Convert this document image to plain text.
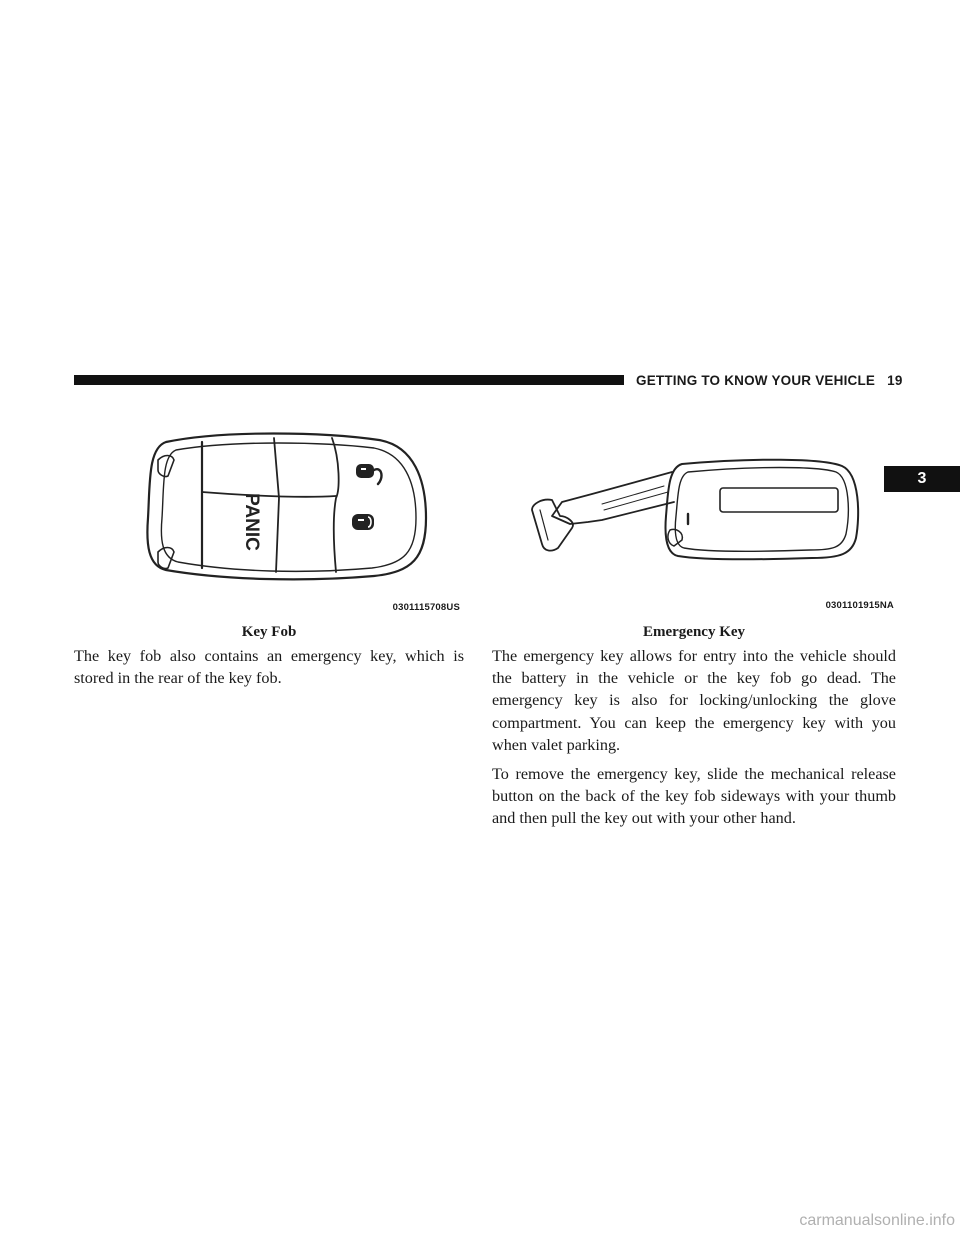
GETTING TO KNOW YOUR VEHICLE 19
3
PANIC
0301115708US	0301101915NA
Key Fob	Emergency Key

The key fob also contains an emergency key, which is stored in the rear of the key fob.

The emergency key allows for entry into the vehicle should the battery in the vehicle or the key fob go dead. The emergency key is also for locking/unlocking the glove compartment. You can keep the emergency key with you when valet parking.

To remove the emergency key, slide the mechanical release button on the back of the key fob sideways with your thumb and then pull the key out with your other hand.

carmanualsonline.info
